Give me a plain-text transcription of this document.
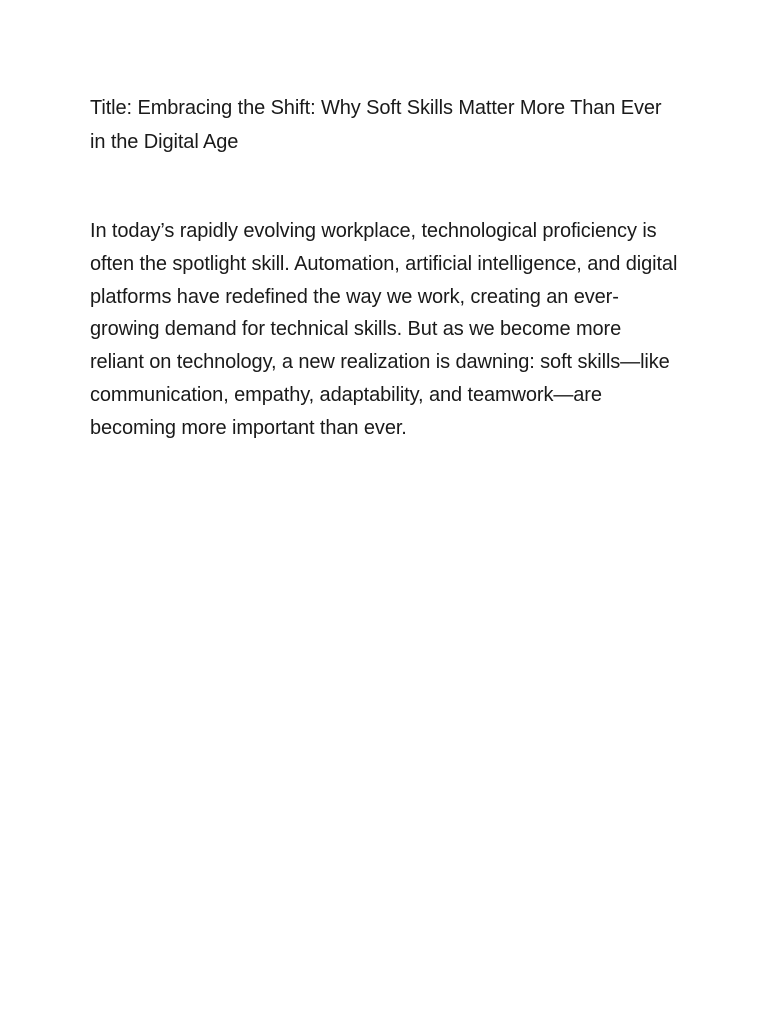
Title: Embracing the Shift: Why Soft Skills Matter More Than Ever in the Digital Age

In today’s rapidly evolving workplace, technological proficiency is often the spotlight skill. Automation, artificial intelligence, and digital platforms have redefined the way we work, creating an ever-growing demand for technical skills. But as we become more reliant on technology, a new realization is dawning: soft skills—like communication, empathy, adaptability, and teamwork—are becoming more important than ever.
